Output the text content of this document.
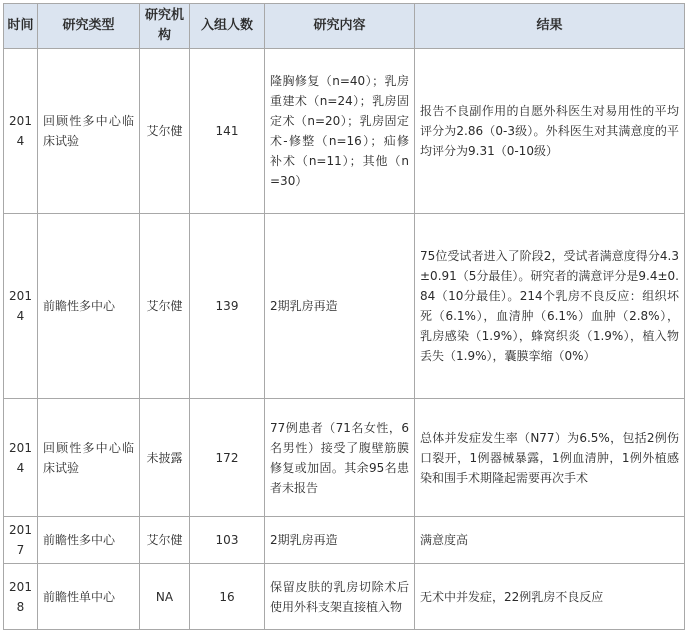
时间	研究类型	研究机构	入组人数	研究内容	结果
2014	回顾性多中心临床试验	艾尔健	141	隆胸修复（n=40）；乳房重建术（n=24）；乳房固定术（n=20）；乳房固定术-修整（n=16）；疝修补术（n=11）；其他（n=30）	报告不良副作用的自愿外科医生对易用性的平均评分为2.86（0-3级）。外科医生对其满意度的平均评分为9.31（0-10级）
2014	前瞻性多中心	艾尔健	139	2期乳房再造	75位受试者进入了阶段2，受试者满意度得分4.3±0.91（5分最佳）。研究者的满意评分是9.4±0.84（10分最佳）。214个乳房不良反应：组织坏死（6.1%），血清肿（6.1%）血肿（2.8%），乳房感染（1.9%），蜂窝织炎（1.9%），植入物丢失（1.9%），囊膜挛缩（0%）
2014	回顾性多中心临床试验	未披露	172	77例患者（71名女性，6名男性）接受了腹壁筋膜修复或加固。其余95名患者未报告	总体并发症发生率（N77）为6.5%，包括2例伤口裂开，1例器械暴露，1例血清肿，1例外植感染和围手术期隆起需要再次手术
2017	前瞻性多中心	艾尔健	103	2期乳房再造	满意度高
2018	前瞻性单中心	NA	16	保留皮肤的乳房切除术后使用外科支架直接植入物	无术中并发症，22例乳房不良反应
